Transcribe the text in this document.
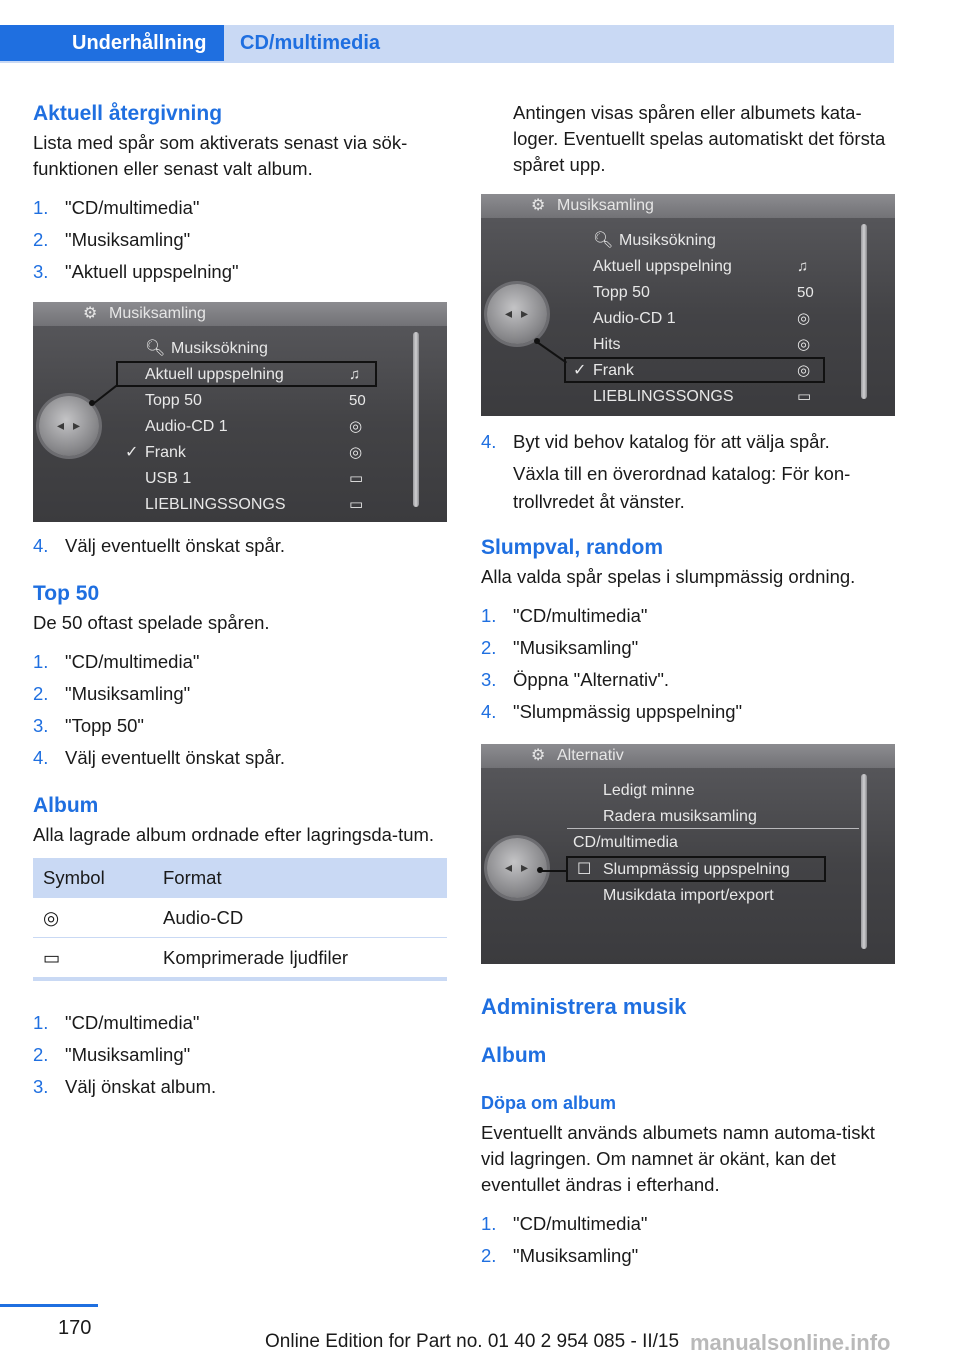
Underhållning	CD/multimedia
Aktuell återgivning

Lista med spår som aktiverats senast via sök-funktionen eller senast valt album.

1. "CD/multimedia"
2. "Musiksamling"
3. "Aktuell uppspelning"
⚙ Musiksamling
🔍︎ Musiksökning
Aktuell uppspelning	♫
Topp 50	50
Audio-CD 1	◎
✓ Frank	◎
USB 1	▭
LIEBLINGSSONGS	▭
◂ ▸
4. Välj eventuellt önskat spår.
Top 50

De 50 oftast spelade spåren.

1. "CD/multimedia"
2. "Musiksamling"
3. "Topp 50"
4. Välj eventuellt önskat spår.
Album

Alla lagrade album ordnade efter lagringsda-tum.

Symbol	Format
◎	Audio-CD
▭	Komprimerade ljudfiler
1. "CD/multimedia"
2. "Musiksamling"
3. Välj önskat album.

Antingen visas spåren eller albumets kata-loger. Eventuellt spelas automatiskt det första spåret upp.

⚙ Musiksamling
🔍︎ Musiksökning
Aktuell uppspelning	♫
Topp 50	50
Audio-CD 1	◎
Hits	◎
✓ Frank	◎
LIEBLINGSSONGS	▭
◂ ▸
4. Byt vid behov katalog för att välja spår.

Växla till en överordnad katalog: För kon-trollvredet åt vänster.

Slumpval, random

Alla valda spår spelas i slumpmässig ordning.

1. "CD/multimedia"
2. "Musiksamling"
3. Öppna "Alternativ".
4. "Slumpmässig uppspelning"
⚙ Alternativ
Ledigt minne
Radera musiksamling
CD/multimedia
☐ Slumpmässig uppspelning
Musikdata import/export
◂ ▸
Administrera musik
Album
Döpa om album

Eventuellt används albumets namn automa-tiskt vid lagringen. Om namnet är okänt, kan det eventullet ändras i efterhand.

1. "CD/multimedia"
2. "Musiksamling"
170
Online Edition for Part no. 01 40 2 954 085 - II/15 manualsonline.info
